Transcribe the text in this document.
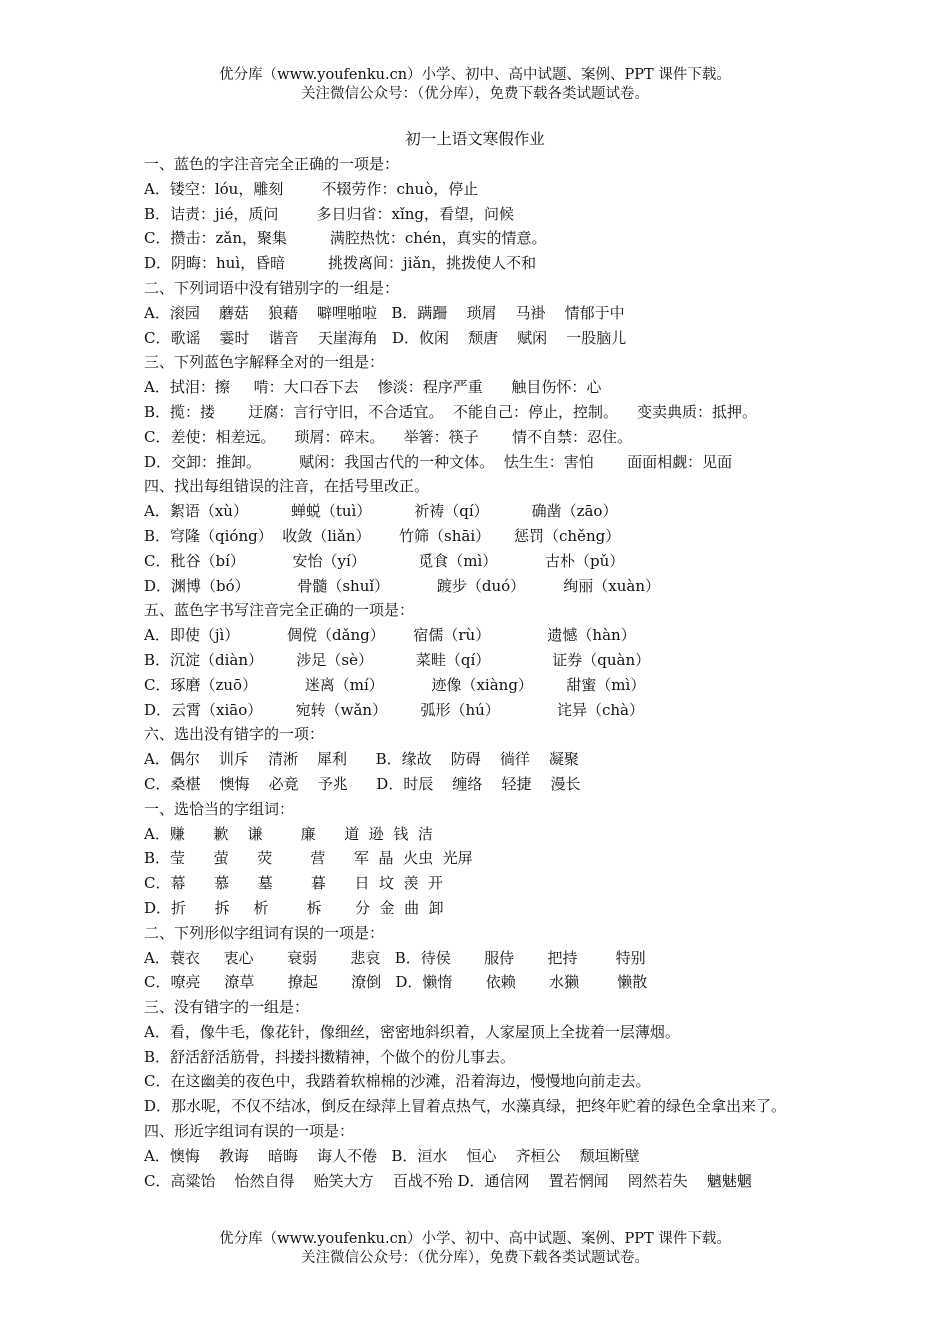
优分库（www.youfenku.cn）小学、初中、高中试题、案例、PPT 课件下载。
关注微信公众号：（优分库），免费下载各类试题试卷。
初一上语文寒假作业
一、蓝色的字注音完全正确的一项是：
A．镂空：lóu，雕刻        不辍劳作：chuò，停止
B．诘责：jié，质问        多日归省：xǐng，看望，问候
C．攒击：zǎn，聚集         满腔热忱：chén，真实的情意。
D．阴晦：huì，昏暗         挑拨离间：jiǎn，挑拨使人不和
二、下列词语中没有错别字的一组是：
A．滚园    蘑菇    狼藉    噼哩啪啦   B．蹒跚    琐屑    马褂    情郁于中
C．歌谣    霎时    谐音    天崖海角   D．攸闲    颓唐    赋闲    一股脑儿
三、下列蓝色字解释全对的一组是：
A．拭泪：擦     啃：大口吞下去    惨淡：程序严重      触目伤怀：心
B．揽：搂       迂腐：言行守旧，不合适宜。  不能自己：停止，控制。    变卖典质：抵押。
C．差使：相差远。    琐屑：碎末。    举箸：筷子       情不自禁：忍住。
D．交卸：推卸。        赋闲：我国古代的一种文体。  怯生生：害怕       面面相觑：见面
四、找出每组错误的注音，在括号里改正。
A．絮语（xù）         蝉蜕（tuì）         祈祷（qí）         确凿（zāo）
B．穹隆（qióng）  收敛（liǎn）      竹筛（shāi）     惩罚（chěng）
C．秕谷（bí）          安怡（yí）           觅食（mì）          古朴（pǔ）
D．渊博（bó）          骨髓（shuǐ）          踱步（duó）        绚丽（xuàn）
五、蓝色字书写注音完全正确的一项是：
A．即使（jì）          倜傥（dǎng）      宿儒（rù）            遗憾（hàn）
B．沉淀（diàn）       涉足（sè）         菜畦（qí）             证券（quàn）
C．琢磨（zuō）          迷离（mí）          迹像（xiàng）       甜蜜（mì）
D．云霄（xiāo）       宛转（wǎn）       弧形（hú）            诧异（chà）
六、选出没有错字的一项：
A．偶尔    训斥    清淅    犀利      B．缘故    防碍    徜徉    凝聚
C．桑椹    懊悔    必竟    予兆      D．时辰    缠络    轻捷    漫长
一、选恰当的字组词：
A．赚      歉    谦        廉      道  逊  钱  洁
B．莹      萤      荧        营      军  晶  火虫  光屏
C．幕      慕      墓        暮      日  坟  羡  开
D．折      拆     析        柝       分  金  曲  卸
二、下列形似字组词有误的一项是：
A．蓑衣     衷心       衰弱       悲哀   B．待侯       服侍       把持        特别
C．嘹亮     潦草       撩起       潦倒   D．懒惰       依赖       水獭        懒散
三、没有错字的一组是：
A．看，像牛毛，像花针，像细丝，密密地斜织着，人家屋顶上全拢着一层薄烟。
B．舒活舒活筋骨，抖搂抖擞精神，个做个的份儿事去。
C．在这幽美的夜色中，我踏着软棉棉的沙滩，沿着海边，慢慢地向前走去。
D．那水呢，不仅不结冰，倒反在绿萍上冒着点热气，水藻真绿，把终年贮着的绿色全拿出来了。
四、形近字组词有误的一项是：
A．懊悔    教诲    暗晦    诲人不倦   B．洹水    恒心    齐桓公    颓垣断壁
C．高粱饴    怡然自得    贻笑大方    百战不殆 D．通信网    置若惘闻    罔然若失    魑魅魍
优分库（www.youfenku.cn）小学、初中、高中试题、案例、PPT 课件下载。
关注微信公众号：（优分库），免费下载各类试题试卷。
